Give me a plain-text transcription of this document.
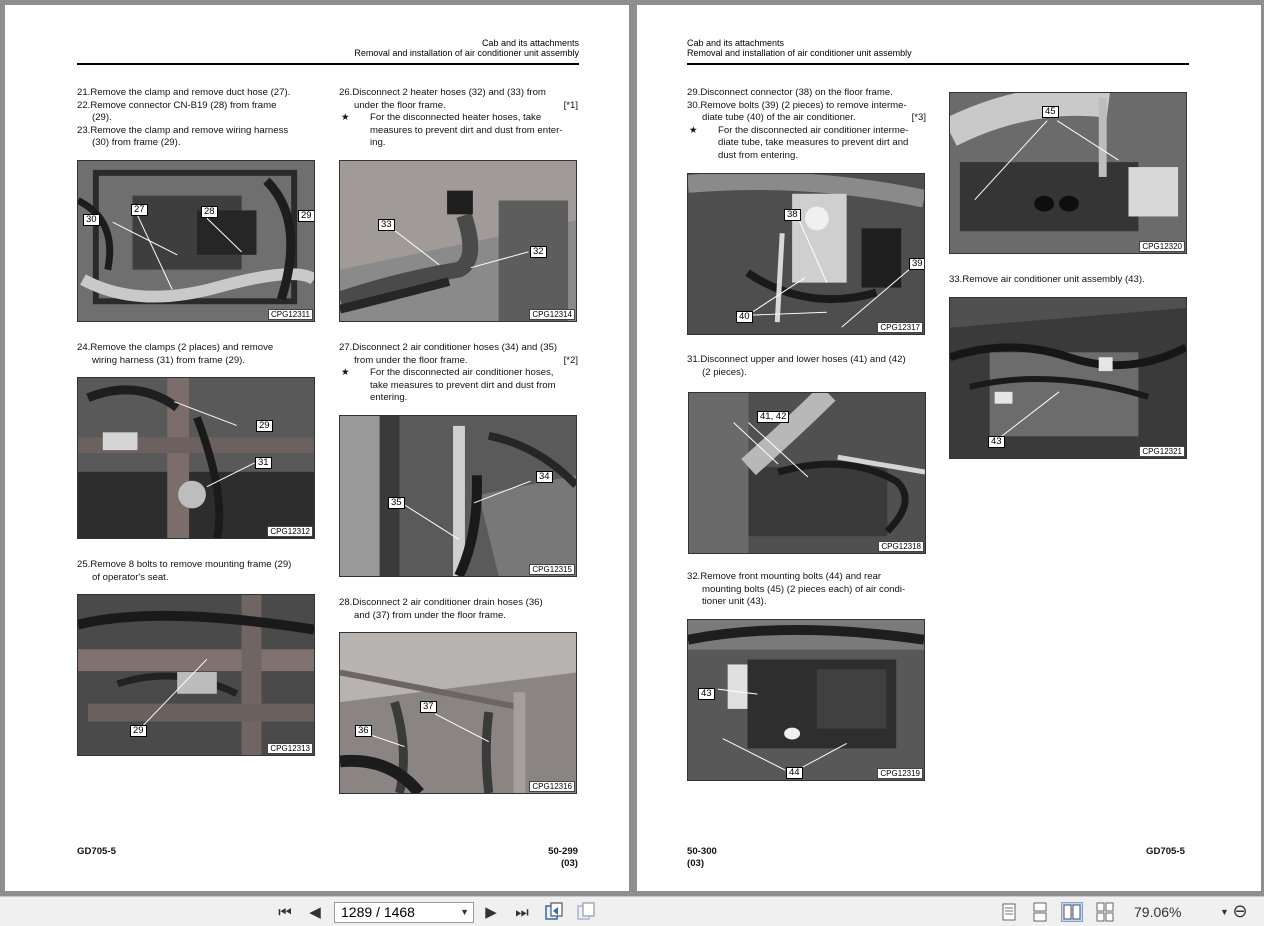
Cab and its attachments
Removal and installation of air conditioner unit assembly
21.Remove the clamp and remove duct hose (27).
22.Remove connector CN-B19 (28) from frame
(29).
23.Remove the clamp and remove wiring harness
(30) from frame (29).
30
27	28	29
CPG12311
24.Remove the clamps (2 places) and remove
wiring harness (31) from frame (29).
29
31
CPG12312
25.Remove 8 bolts to remove mounting frame (29)
of operator's seat.
29
CPG12313
26.Disconnect 2 heater hoses (32) and (33) from
under the floor frame.	[*1]
★	For the disconnected heater hoses, take
measures to prevent dirt and dust from enter-
ing.
33
32
CPG12314
27.Disconnect 2 air conditioner hoses (34) and (35)
from under the floor frame.	[*2]
★	For the disconnected air conditioner hoses,
take measures to prevent dirt and dust from
entering.
34
35
CPG12315
28.Disconnect 2 air conditioner drain hoses (36)
and (37) from under the floor frame.
37
36
CPG12316
GD705-5	50-299
(03)
Cab and its attachments
Removal and installation of air conditioner unit assembly
29.Disconnect connector (38) on the floor frame.
30.Remove bolts (39) (2 pieces) to remove interme-
diate tube (40) of the air conditioner.	[*3]
★	For the disconnected air conditioner interme-
diate tube, take measures to prevent dirt and
dust from entering.
38
39
40
CPG12317
31.Disconnect upper and lower hoses (41) and (42)
(2 pieces).
41, 42
CPG12318
32.Remove front mounting bolts (44) and rear
mounting bolts (45) (2 pieces each) of air condi-
tioner unit (43).
43
44	CPG12319
45
CPG12320
33.Remove air conditioner unit assembly (43).
43
CPG12321
50-300
(03)
GD705-5
⏮	◀	1289 / 1468	▼	▶	⏭	79.06%	▼ ⊖
